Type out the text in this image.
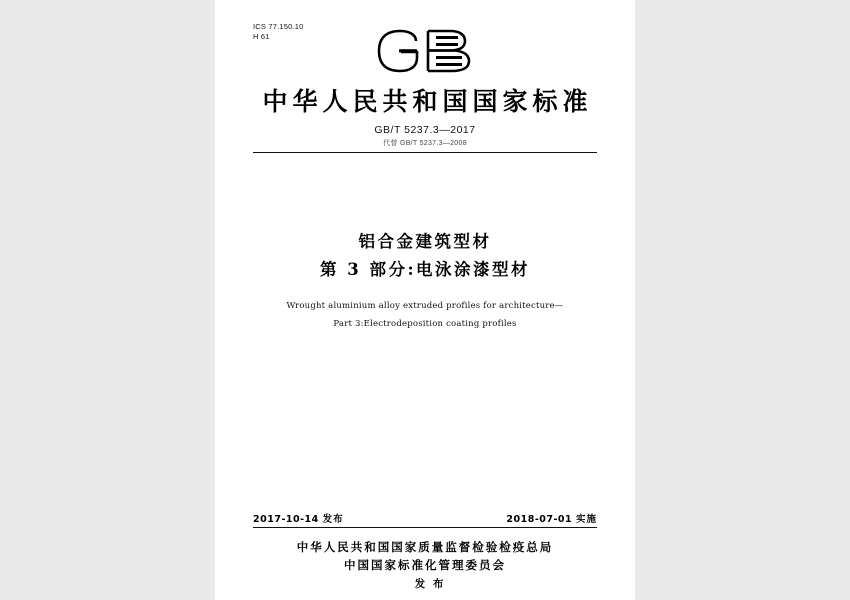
ICS 77.150.10
H 61
中华人民共和国国家标准
GB/T 5237.3—2017
代替 GB/T 5237.3—2008
铝合金建筑型材
第 3 部分:电泳涂漆型材
Wrought aluminium alloy extruded profiles for architecture—
Part 3:Electrodeposition coating profiles
2017-10-14 发布	2018-07-01 实施
中华人民共和国国家质量监督检验检疫总局 中国国家标准化管理委员会 发 布
